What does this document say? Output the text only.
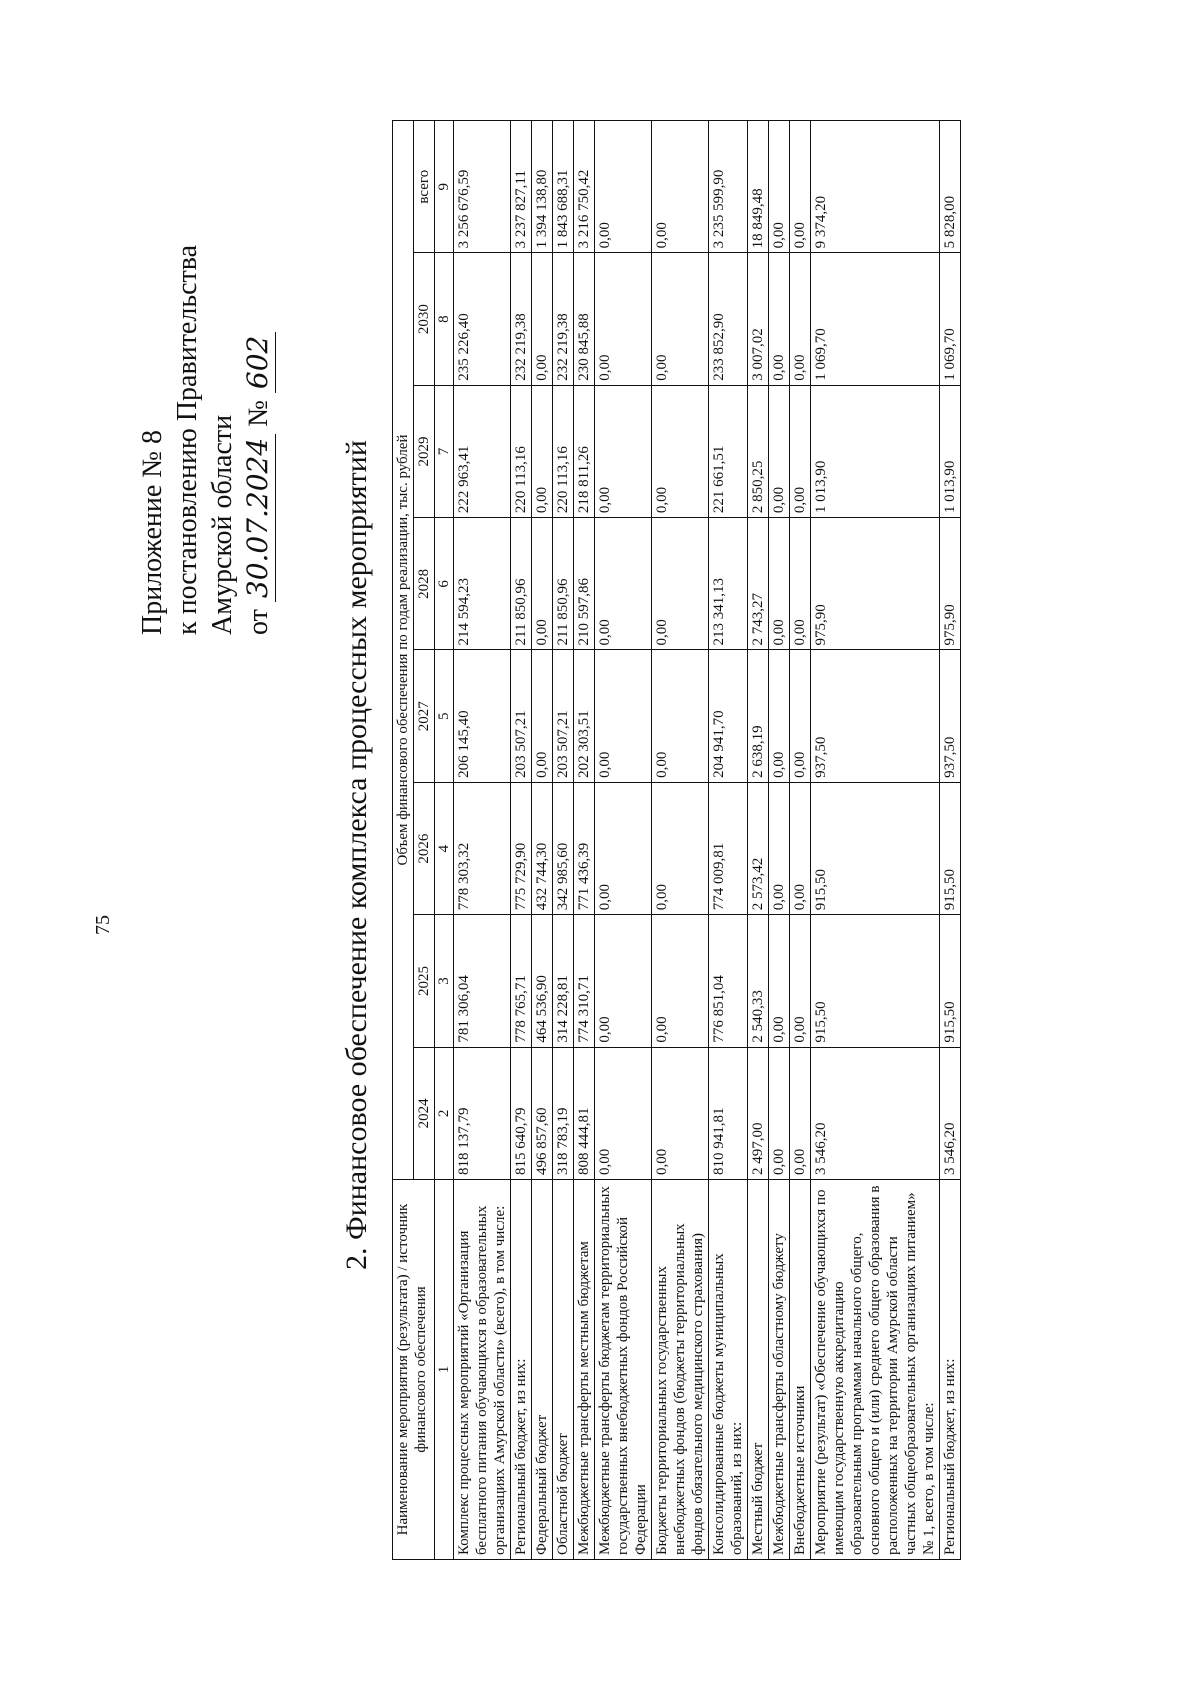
75
Приложение № 8 к постановлению Правительства Амурской области от 30.07.2024 № 602
2. Финансовое обеспечение комплекса процессных мероприятий
Наименование мероприятия (результата) / источник финансового обеспечения	Объем финансового обеспечения по годам реализации, тыс. рублей							
	2024	2025	2026	2027	2028	2029	2030	всего
1	2	3	4	5	6	7	8	9
Комплекс процессных мероприятий «Организация бесплатного питания обучающихся в образовательных организациях Амурской области» (всего), в том числе:	818 137,79	781 306,04	778 303,32	206 145,40	214 594,23	222 963,41	235 226,40	3 256 676,59
Региональный бюджет, из них:	815 640,79	778 765,71	775 729,90	203 507,21	211 850,96	220 113,16	232 219,38	3 237 827,11
Федеральный бюджет	496 857,60	464 536,90	432 744,30	0,00	0,00	0,00	0,00	1 394 138,80
Областной бюджет	318 783,19	314 228,81	342 985,60	203 507,21	211 850,96	220 113,16	232 219,38	1 843 688,31
Межбюджетные трансферты местным бюджетам	808 444,81	774 310,71	771 436,39	202 303,51	210 597,86	218 811,26	230 845,88	3 216 750,42
Межбюджетные трансферты бюджетам территориальных государственных внебюджетных фондов Российской Федерации	0,00	0,00	0,00	0,00	0,00	0,00	0,00	0,00
Бюджеты территориальных государственных внебюджетных фондов (бюджеты территориальных фондов обязательного медицинского страхования)	0,00	0,00	0,00	0,00	0,00	0,00	0,00	0,00
Консолидированные бюджеты муниципальных образований, из них:	810 941,81	776 851,04	774 009,81	204 941,70	213 341,13	221 661,51	233 852,90	3 235 599,90
Местный бюджет	2 497,00	2 540,33	2 573,42	2 638,19	2 743,27	2 850,25	3 007,02	18 849,48
Межбюджетные трансферты областному бюджету	0,00	0,00	0,00	0,00	0,00	0,00	0,00	0,00
Внебюджетные источники	0,00	0,00	0,00	0,00	0,00	0,00	0,00	0,00
Мероприятие (результат) «Обеспечение обучающихся по имеющим государственную аккредитацию образовательным программам начального общего, основного общего и (или) среднего общего образования в расположенных на территории Амурской области частных общеобразовательных организациях питанием» № 1, всего, в том числе:	3 546,20	915,50	915,50	937,50	975,90	1 013,90	1 069,70	9 374,20
Региональный бюджет, из них:	3 546,20	915,50	915,50	937,50	975,90	1 013,90	1 069,70	5 828,00
